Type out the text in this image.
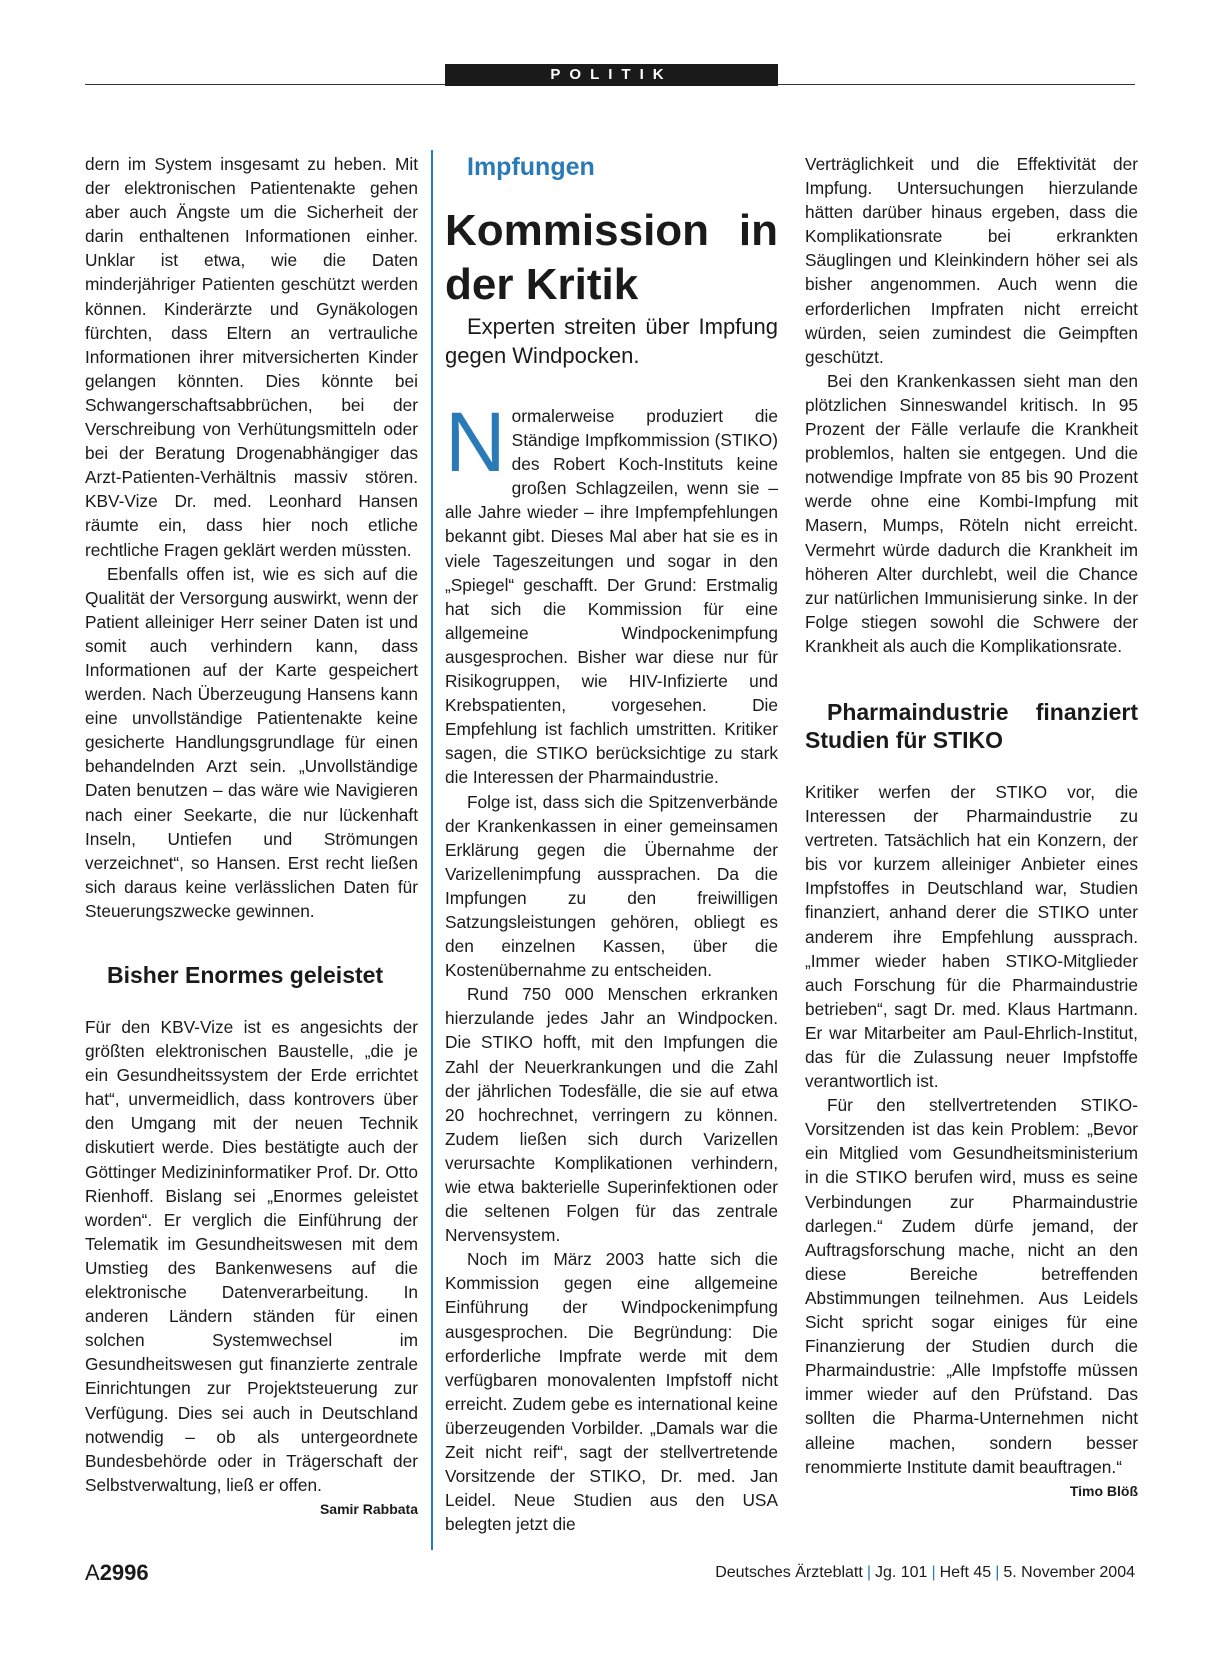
POLITIK

dern im System insgesamt zu heben. Mit der elektronischen Patientenakte gehen aber auch Ängste um die Sicherheit der darin enthaltenen Informationen einher. Unklar ist etwa, wie die Daten minderjähriger Patienten geschützt werden können. Kinderärzte und Gynäkologen fürchten, dass Eltern an vertrauliche Informationen ihrer mitversicherten Kinder gelangen könnten. Dies könnte bei Schwangerschaftsabbrüchen, bei der Verschreibung von Verhütungsmitteln oder bei der Beratung Drogenabhängiger das Arzt-Patienten-Verhältnis massiv stören. KBV-Vize Dr. med. Leonhard Hansen räumte ein, dass hier noch etliche rechtliche Fragen geklärt werden müssten.

Ebenfalls offen ist, wie es sich auf die Qualität der Versorgung auswirkt, wenn der Patient alleiniger Herr seiner Daten ist und somit auch verhindern kann, dass Informationen auf der Karte gespeichert werden. Nach Überzeugung Hansens kann eine unvollständige Patientenakte keine gesicherte Handlungsgrundlage für einen behandelnden Arzt sein. „Unvollständige Daten benutzen – das wäre wie Navigieren nach einer Seekarte, die nur lückenhaft Inseln, Untiefen und Strömungen verzeichnet“, so Hansen. Erst recht ließen sich daraus keine verlässlichen Daten für Steuerungszwecke gewinnen.

Bisher Enormes geleistet

Für den KBV-Vize ist es angesichts der größten elektronischen Baustelle, „die je ein Gesundheitssystem der Erde errichtet hat“, unvermeidlich, dass kontrovers über den Umgang mit der neuen Technik diskutiert werde. Dies bestätigte auch der Göttinger Medizininformatiker Prof. Dr. Otto Rienhoff. Bislang sei „Enormes geleistet worden“. Er verglich die Einführung der Telematik im Gesundheitswesen mit dem Umstieg des Bankenwesens auf die elektronische Datenverarbeitung. In anderen Ländern ständen für einen solchen Systemwechsel im Gesundheitswesen gut finanzierte zentrale Einrichtungen zur Projektsteuerung zur Verfügung. Dies sei auch in Deutschland notwendig – ob als untergeordnete Bundesbehörde oder in Trägerschaft der Selbstverwaltung, ließ er offen.
Samir Rabbata

Impfungen

Kommission in der Kritik

Experten streiten über Impfung gegen Windpocken.

Normalerweise produziert die Ständige Impfkommission (STIKO) des Robert Koch-Instituts keine großen Schlagzeilen, wenn sie – alle Jahre wieder – ihre Impfempfehlungen bekannt gibt. Dieses Mal aber hat sie es in viele Tageszeitungen und sogar in den „Spiegel“ geschafft. Der Grund: Erstmalig hat sich die Kommission für eine allgemeine Windpockenimpfung ausgesprochen. Bisher war diese nur für Risikogruppen, wie HIV-Infizierte und Krebspatienten, vorgesehen. Die Empfehlung ist fachlich umstritten. Kritiker sagen, die STIKO berücksichtige zu stark die Interessen der Pharmaindustrie.

Folge ist, dass sich die Spitzenverbände der Krankenkassen in einer gemeinsamen Erklärung gegen die Übernahme der Varizellenimpfung aussprachen. Da die Impfungen zu den freiwilligen Satzungsleistungen gehören, obliegt es den einzelnen Kassen, über die Kostenübernahme zu entscheiden.

Rund 750 000 Menschen erkranken hierzulande jedes Jahr an Windpocken. Die STIKO hofft, mit den Impfungen die Zahl der Neuerkrankungen und die Zahl der jährlichen Todesfälle, die sie auf etwa 20 hochrechnet, verringern zu können. Zudem ließen sich durch Varizellen verursachte Komplikationen verhindern, wie etwa bakterielle Superinfektionen oder die seltenen Folgen für das zentrale Nervensystem.

Noch im März 2003 hatte sich die Kommission gegen eine allgemeine Einführung der Windpockenimpfung ausgesprochen. Die Begründung: Die erforderliche Impfrate werde mit dem verfügbaren monovalenten Impfstoff nicht erreicht. Zudem gebe es international keine überzeugenden Vorbilder. „Damals war die Zeit nicht reif“, sagt der stellvertretende Vorsitzende der STIKO, Dr. med. Jan Leidel. Neue Studien aus den USA belegten jetzt die

Verträglichkeit und die Effektivität der Impfung. Untersuchungen hierzulande hätten darüber hinaus ergeben, dass die Komplikationsrate bei erkrankten Säuglingen und Kleinkindern höher sei als bisher angenommen. Auch wenn die erforderlichen Impfraten nicht erreicht würden, seien zumindest die Geimpften geschützt.

Bei den Krankenkassen sieht man den plötzlichen Sinneswandel kritisch. In 95 Prozent der Fälle verlaufe die Krankheit problemlos, halten sie entgegen. Und die notwendige Impfrate von 85 bis 90 Prozent werde ohne eine Kombi-Impfung mit Masern, Mumps, Röteln nicht erreicht. Vermehrt würde dadurch die Krankheit im höheren Alter durchlebt, weil die Chance zur natürlichen Immunisierung sinke. In der Folge stiegen sowohl die Schwere der Krankheit als auch die Komplikationsrate.

Pharmaindustrie finanziert Studien für STIKO

Kritiker werfen der STIKO vor, die Interessen der Pharmaindustrie zu vertreten. Tatsächlich hat ein Konzern, der bis vor kurzem alleiniger Anbieter eines Impfstoffes in Deutschland war, Studien finanziert, anhand derer die STIKO unter anderem ihre Empfehlung aussprach. „Immer wieder haben STIKO-Mitglieder auch Forschung für die Pharmaindustrie betrieben“, sagt Dr. med. Klaus Hartmann. Er war Mitarbeiter am Paul-Ehrlich-Institut, das für die Zulassung neuer Impfstoffe verantwortlich ist.

Für den stellvertretenden STIKO-Vorsitzenden ist das kein Problem: „Bevor ein Mitglied vom Gesundheitsministerium in die STIKO berufen wird, muss es seine Verbindungen zur Pharmaindustrie darlegen.“ Zudem dürfe jemand, der Auftragsforschung mache, nicht an den diese Bereiche betreffenden Abstimmungen teilnehmen. Aus Leidels Sicht spricht sogar einiges für eine Finanzierung der Studien durch die Pharmaindustrie: „Alle Impfstoffe müssen immer wieder auf den Prüfstand. Das sollten die Pharma-Unternehmen nicht alleine machen, sondern besser renommierte Institute damit beauftragen.“
Timo Blöß

A2996	Deutsches Ärzteblatt | Jg. 101 | Heft 45 | 5. November 2004
